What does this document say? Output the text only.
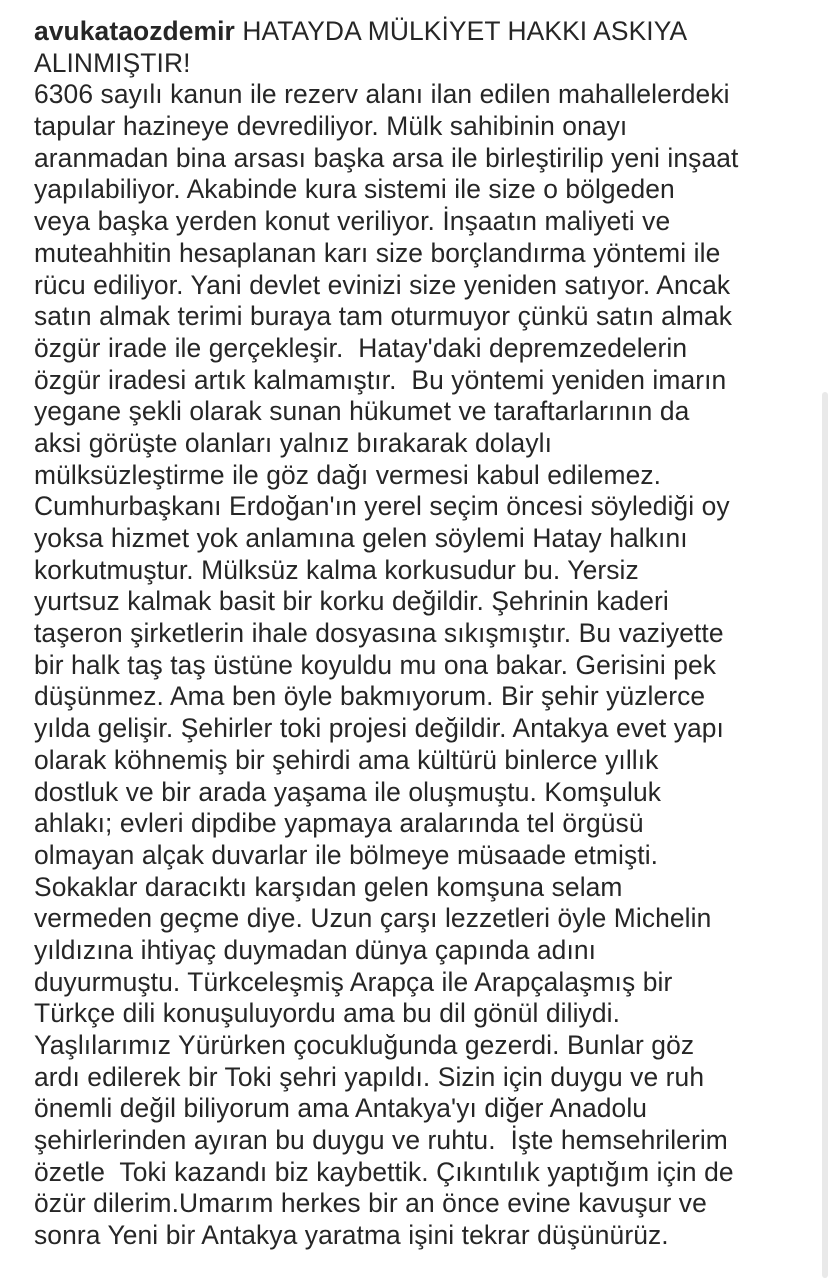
avukataozdemir HATAYDA MÜLKİYET HAKKI ASKIYA
ALINMIŞTIR!
6306 sayılı kanun ile rezerv alanı ilan edilen mahallelerdeki
tapular hazineye devrediliyor. Mülk sahibinin onayı
aranmadan bina arsası başka arsa ile birleştirilip yeni inşaat
yapılabiliyor. Akabinde kura sistemi ile size o bölgeden
veya başka yerden konut veriliyor. İnşaatın maliyeti ve
muteahhitin hesaplanan karı size borçlandırma yöntemi ile
rücu ediliyor. Yani devlet evinizi size yeniden satıyor. Ancak
satın almak terimi buraya tam oturmuyor çünkü satın almak
özgür irade ile gerçekleşir.  Hatay'daki depremzedelerin
özgür iradesi artık kalmamıştır.  Bu yöntemi yeniden imarın
yegane şekli olarak sunan hükumet ve taraftarlarının da
aksi görüşte olanları yalnız bırakarak dolaylı
mülksüzleştirme ile göz dağı vermesi kabul edilemez.
Cumhurbaşkanı Erdoğan'ın yerel seçim öncesi söylediği oy
yoksa hizmet yok anlamına gelen söylemi Hatay halkını
korkutmuştur. Mülksüz kalma korkusudur bu. Yersiz
yurtsuz kalmak basit bir korku değildir. Şehrinin kaderi
taşeron şirketlerin ihale dosyasına sıkışmıştır. Bu vaziyette
bir halk taş taş üstüne koyuldu mu ona bakar. Gerisini pek
düşünmez. Ama ben öyle bakmıyorum. Bir şehir yüzlerce
yılda gelişir. Şehirler toki projesi değildir. Antakya evet yapı
olarak köhnemiş bir şehirdi ama kültürü binlerce yıllık
dostluk ve bir arada yaşama ile oluşmuştu. Komşuluk
ahlakı; evleri dipdibe yapmaya aralarında tel örgüsü
olmayan alçak duvarlar ile bölmeye müsaade etmişti.
Sokaklar daracıktı karşıdan gelen komşuna selam
vermeden geçme diye. Uzun çarşı lezzetleri öyle Michelin
yıldızına ihtiyaç duymadan dünya çapında adını
duyurmuştu. Türkceleşmiş Arapça ile Arapçalaşmış bir
Türkçe dili konuşuluyordu ama bu dil gönül diliydi.
Yaşlılarımız Yürürken çocukluğunda gezerdi. Bunlar göz
ardı edilerek bir Toki şehri yapıldı. Sizin için duygu ve ruh
önemli değil biliyorum ama Antakya'yı diğer Anadolu
şehirlerinden ayıran bu duygu ve ruhtu.  İşte hemsehrilerim
özetle  Toki kazandı biz kaybettik. Çıkıntılık yaptığım için de
özür dilerim.Umarım herkes bir an önce evine kavuşur ve
sonra Yeni bir Antakya yaratma işini tekrar düşünürüz.
